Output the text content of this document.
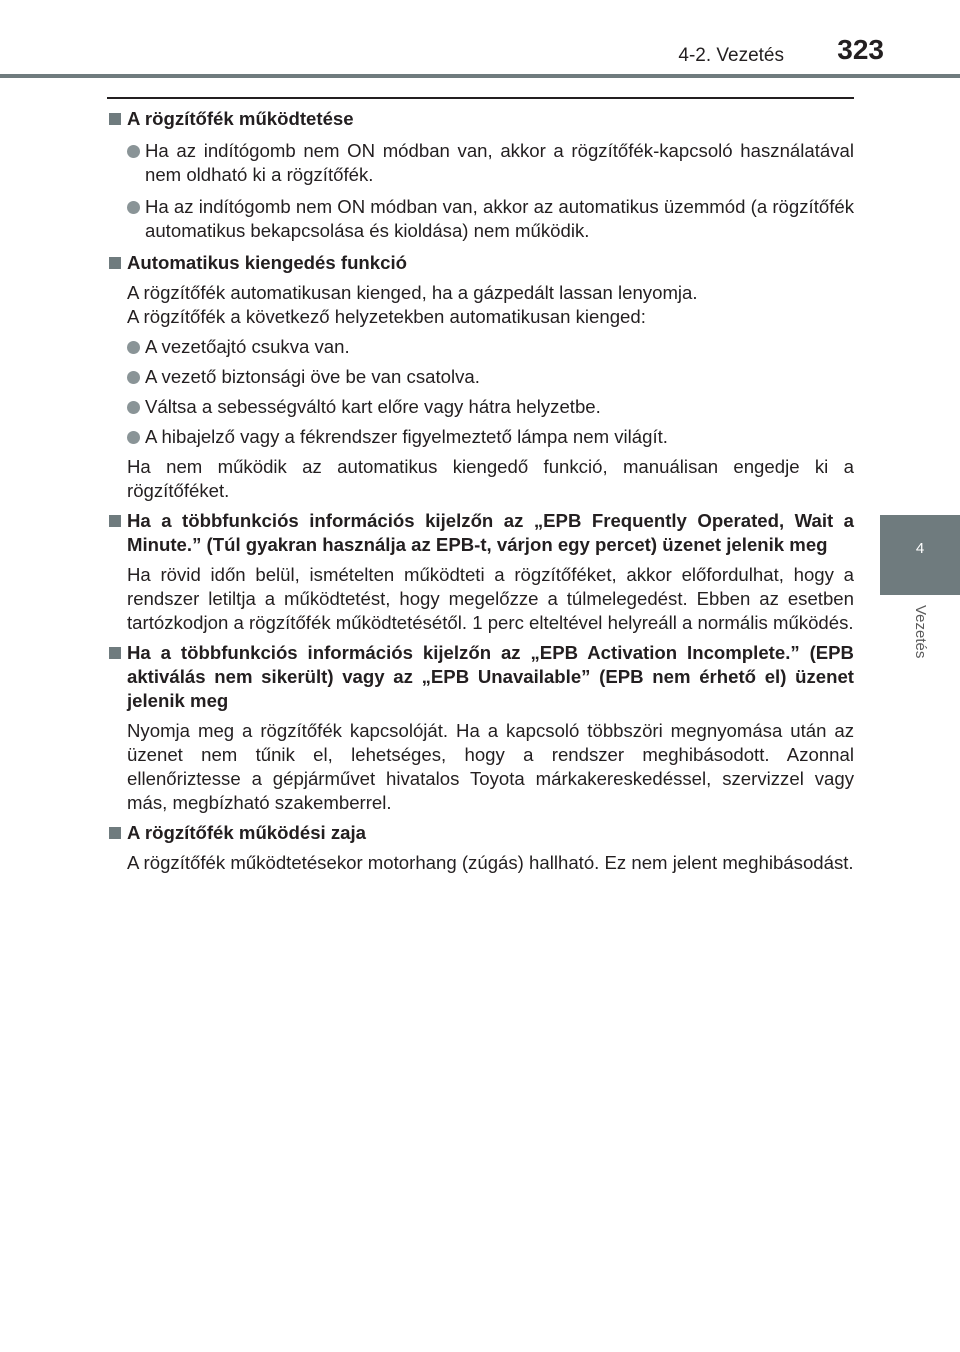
4-2. Vezetés 323
4
Vezetés

A rögzítőfék működtetése

Ha az indítógomb nem ON módban van, akkor a rögzítőfék-kapcsoló használatával nem oldható ki a rögzítőfék.

Ha az indítógomb nem ON módban van, akkor az automatikus üzemmód (a rögzítőfék automatikus bekapcsolása és kioldása) nem működik.

Automatikus kiengedés funkció

A rögzítőfék automatikusan kienged, ha a gázpedált lassan lenyomja.

A rögzítőfék a következő helyzetekben automatikusan kienged:

A vezetőajtó csukva van.

A vezető biztonsági öve be van csatolva.

Váltsa a sebességváltó kart előre vagy hátra helyzetbe.

A hibajelző vagy a fékrendszer figyelmeztető lámpa nem világít.

Ha nem működik az automatikus kiengedő funkció, manuálisan engedje ki a rögzítőféket.

Ha a többfunkciós információs kijelzőn az „EPB Frequently Operated, Wait a Minute.” (Túl gyakran használja az EPB-t, várjon egy percet) üzenet jelenik meg

Ha rövid időn belül, ismételten működteti a rögzítőféket, akkor előfordulhat, hogy a rendszer letiltja a működtetést, hogy megelőzze a túlmelegedést. Ebben az esetben tartózkodjon a rögzítőfék működtetésétől. 1 perc elteltével helyreáll a normális működés.

Ha a többfunkciós információs kijelzőn az „EPB Activation Incomplete.” (EPB aktiválás nem sikerült) vagy az „EPB Unavailable” (EPB nem érhető el) üzenet jelenik meg

Nyomja meg a rögzítőfék kapcsolóját. Ha a kapcsoló többszöri megnyomása után az üzenet nem tűnik el, lehetséges, hogy a rendszer meghibásodott. Azonnal ellenőriztesse a gépjárművet hivatalos Toyota márkakereskedéssel, szervizzel vagy más, megbízható szakemberrel.

A rögzítőfék működési zaja

A rögzítőfék működtetésekor motorhang (zúgás) hallható. Ez nem jelent meghibásodást.
